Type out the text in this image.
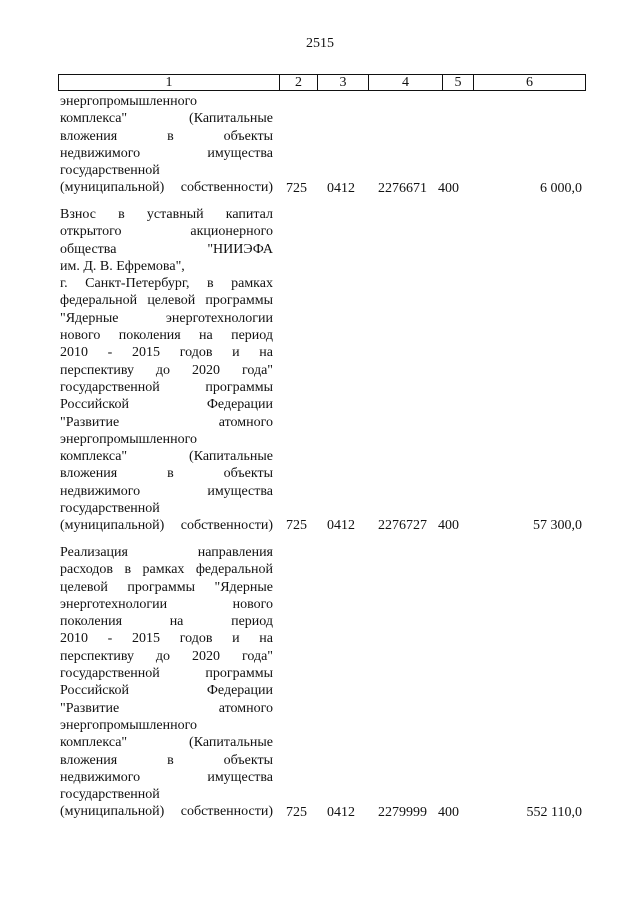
2515
1	2	3	4	5	6
энергопромышленного
комплекса" (Капитальные
вложения в объекты
недвижимого имущества
государственной
(муниципальной) собственности) 725 0412 2276671 400	6 000,0
Взнос в уставный капитал
открытого акционерного
общества "НИИЭФА
им. Д. В. Ефремова",
г. Санкт-Петербург, в рамках
федеральной целевой программы
"Ядерные энерготехнологии
нового поколения на период
2010 - 2015 годов и на
перспективу до 2020 года"
государственной программы
Российской Федерации
"Развитие атомного
энергопромышленного
комплекса" (Капитальные
вложения в объекты
недвижимого имущества
государственной
(муниципальной) собственности) 725 0412 2276727 400	57 300,0
Реализация направления
расходов в рамках федеральной
целевой программы "Ядерные
энерготехнологии нового
поколения на период
2010 - 2015 годов и на
перспективу до 2020 года"
государственной программы
Российской Федерации
"Развитие атомного
энергопромышленного
комплекса" (Капитальные
вложения в объекты
недвижимого имущества
государственной
(муниципальной) собственности) 725 0412 2279999 400	552 110,0
